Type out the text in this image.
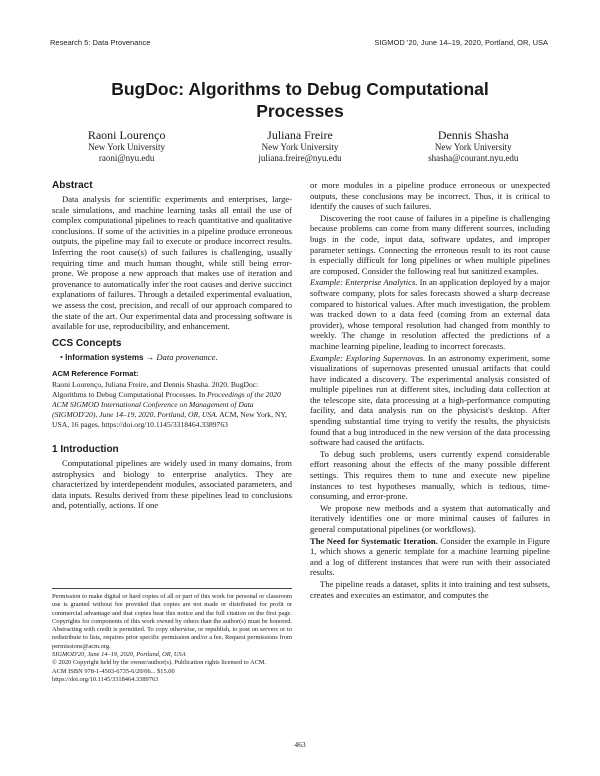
Research 5: Data Provenance	SIGMOD '20, June 14–19, 2020, Portland, OR, USA
BugDoc: Algorithms to Debug Computational
Processes
Raoni Lourenço
New York University
raoni@nyu.edu
Juliana Freire
New York University
juliana.freire@nyu.edu
Dennis Shasha
New York University
shasha@courant.nyu.edu
Abstract

Data analysis for scientific experiments and enterprises, large-scale simulations, and machine learning tasks all entail the use of complex computational pipelines to reach quantitative and qualitative conclusions. If some of the activities in a pipeline produce erroneous outputs, the pipeline may fail to execute or produce incorrect results. Inferring the root cause(s) of such failures is challenging, usually requiring time and much human thought, while still being error-prone. We propose a new approach that makes use of iteration and provenance to automatically infer the root causes and derive succinct explanations of failures. Through a detailed experimental evaluation, we assess the cost, precision, and recall of our approach compared to the state of the art. Our experimental data and processing software is available for use, reproducibility, and enhancement.

CCS Concepts
• Information systems → Data provenance.
ACM Reference Format:
Raoni Lourenço, Juliana Freire, and Dennis Shasha. 2020. BugDoc: Algorithms to Debug Computational Processes. In Proceedings of the 2020 ACM SIGMOD International Conference on Management of Data (SIGMOD'20), June 14–19, 2020, Portland, OR, USA. ACM, New York, NY, USA, 16 pages. https://doi.org/10.1145/3318464.3389763
1 Introduction

Computational pipelines are widely used in many domains, from astrophysics and biology to enterprise analytics. They are characterized by interdependent modules, associated parameters, and data inputs. Results derived from these pipelines lead to conclusions and, potentially, actions. If one

Permission to make digital or hard copies of all or part of this work for personal or classroom use is granted without fee provided that copies are not made or distributed for profit or commercial advantage and that copies bear this notice and the full citation on the first page. Copyrights for components of this work owned by others than the author(s) must be honored. Abstracting with credit is permitted. To copy otherwise, or republish, to post on servers or to redistribute to lists, requires prior specific permission and/or a fee. Request permissions from permissions@acm.org.
SIGMOD'20, June 14–19, 2020, Portland, OR, USA
© 2020 Copyright held by the owner/author(s). Publication rights licensed to ACM.
ACM ISBN 978-1-4503-6735-6/20/06... $15.00
https://doi.org/10.1145/3318464.3389763

or more modules in a pipeline produce erroneous or unexpected outputs, these conclusions may be incorrect. Thus, it is critical to identify the causes of such failures.

Discovering the root cause of failures in a pipeline is challenging because problems can come from many different sources, including bugs in the code, input data, software updates, and improper parameter settings. Connecting the erroneous result to its root cause is especially difficult for long pipelines or when multiple pipelines are composed. Consider the following real but sanitized examples.

Example: Enterprise Analytics. In an application deployed by a major software company, plots for sales forecasts showed a sharp decrease compared to historical values. After much investigation, the problem was tracked down to a data feed (coming from an external data provider), whose temporal resolution had changed from monthly to weekly. The change in resolution affected the predictions of a machine learning pipeline, leading to incorrect forecasts.

Example: Exploring Supernovas. In an astronomy experiment, some visualizations of supernovas presented unusual artifacts that could have indicated a discovery. The experimental analysis consisted of multiple pipelines run at different sites, including data collection at the telescope site, data processing at a high-performance computing facility, and data analysis run on the physicist's desktop. After spending substantial time trying to verify the results, the physicists found that a bug introduced in the new version of the data processing software had caused the artifacts.

To debug such problems, users currently expend considerable effort reasoning about the effects of the many possible different settings. This requires them to tune and execute new pipeline instances to test hypotheses manually, which is tedious, time-consuming, and error-prone.

We propose new methods and a system that automatically and iteratively identifies one or more minimal causes of failures in general computational pipelines (or workflows).

The Need for Systematic Iteration. Consider the example in Figure 1, which shows a generic template for a machine learning pipeline and a log of different instances that were run with their associated results.

The pipeline reads a dataset, splits it into training and test subsets, creates and executes an estimator, and computes the

463
